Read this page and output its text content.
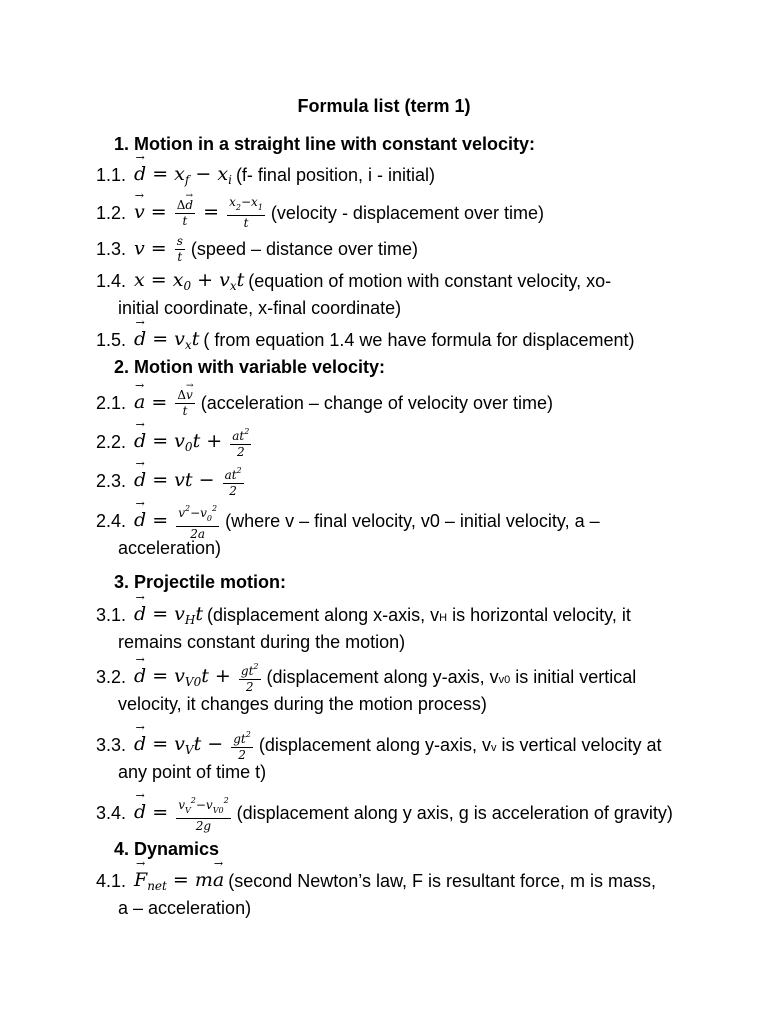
Formula list (term 1)
1. Motion in a straight line with constant velocity:
1.1. → $d = x_f - x_i$ (f- final position, i - initial)
1.2. → $v = \frac{\Delta\to d}{t} = \frac{x_2-x_1}{t}$ (velocity - displacement over time)
1.3. $v = \frac{s}{t}$ (speed – distance over time)
1.4. $x = x_0 + v_xt$ (equation of motion with constant velocity, xo-
initial coordinate, x-final coordinate)
1.5. → $d = v_xt$ ( from equation 1.4 we have formula for displacement)
2. Motion with variable velocity:
2.1. → $a = \frac{\Delta\to v}{t}$ (acceleration – change of velocity over time)
2.2. → $d = v_0t + \frac{at^2}{2}$
2.3. → d = vt − $\frac{at^2}{2}$
2.4. → $d = \frac{v^2-v_0^2}{2a}$ (where v – final velocity, v0 – initial velocity, a –
acceleration)
3. Projectile motion:
3.1. → $d = v_Ht$ (displacement along x-axis, vH is horizontal velocity, it
remains constant during the motion)
3.2. → $d = v_{V0}t + \frac{gt^2}{2}$ (displacement along y-axis, vv0 is initial vertical
velocity, it changes during the motion process)
3.3. → $d = v_Vt - \frac{gt^2}{2}$ (displacement along y-axis, vv is vertical velocity at
any point of time t)
3.4. → $d = \frac{v_V^2-v_{V0}^2}{2g}$ (displacement along y axis, g is acceleration of gravity)
4. Dynamics
4.1. → $F_{net} = m\to a$ (second Newton’s law, F is resultant force, m is mass,
a – acceleration)
